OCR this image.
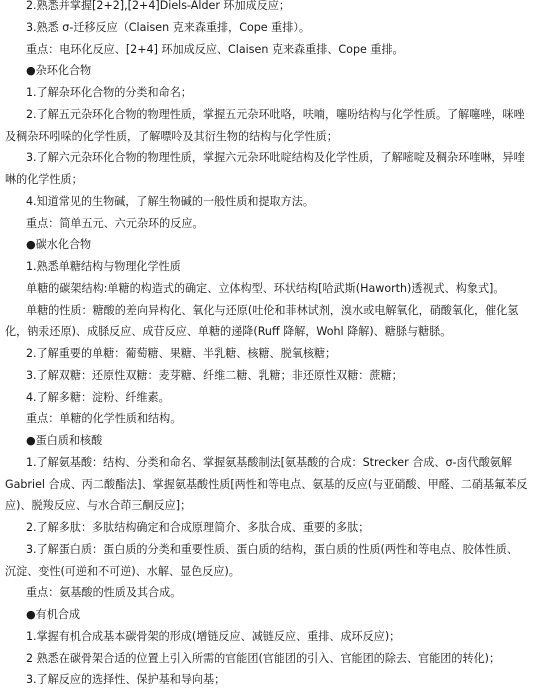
2.熟悉并掌握[2+2],[2+4]Diels-Alder 环加成反应；
3.熟悉 σ-迁移反应（Claisen 克来森重排，Cope 重排）。
重点：电环化反应、[2+4] 环加成反应、Claisen 克来森重排、Cope 重排。
●杂环化合物
1.了解杂环化合物的分类和命名；
2.了解五元杂环化合物的物理性质，掌握五元杂环吡咯，呋喃，噻吩结构与化学性质。了解噻唑，咪唑
及稠杂环吲哚的化学性质，了解嘌呤及其衍生物的结构与化学性质；
3.了解六元杂环化合物的物理性质，掌握六元杂环吡啶结构及化学性质，了解嘧啶及稠杂环喹啉，异喹
啉的化学性质；
4.知道常见的生物碱，了解生物碱的一般性质和提取方法。
重点：简单五元、六元杂环的反应。
●碳水化合物
1.熟悉单糖结构与物理化学性质
单糖的碳架结构:单糖的构造式的确定、立体构型、环状结构[哈武斯(Haworth)透视式、构象式]。
单糖的性质：糖酸的差向异构化、氧化与还原(吐伦和菲林试剂，溴水或电解氧化，硝酸氧化，催化氢
化，钠汞还原)、成脎反应、成苷反应、单糖的递降(Ruff 降解，Wohl 降解)、糖脎与糖脎。
2.了解重要的单糖：葡萄糖、果糖、半乳糖、核糖、脱氧核糖；
3.了解双糖：还原性双糖：麦芽糖、纤维二糖、乳糖；非还原性双糖：蔗糖；
4.了解多糖：淀粉、纤维素。
重点：单糖的化学性质和结构。
●蛋白质和核酸
1.了解氨基酸：结构、分类和命名、掌握氨基酸制法[氨基酸的合成：Strecker 合成、σ-卤代酸氨解
Gabriel 合成、丙二酸酯法]、掌握氨基酸性质[两性和等电点、氨基的反应(与亚硝酸、甲醛、二硝基氟苯反
应)、脱羧反应、与水合茚三酮反应]；
2.了解多肽：多肽结构确定和合成原理简介、多肽合成、重要的多肽；
3.了解蛋白质：蛋白质的分类和重要性质、蛋白质的结构，蛋白质的性质(两性和等电点、胶体性质、
沉淀、变性(可逆和不可逆)、水解、显色反应)。
重点：氨基酸的性质及其合成。
●有机合成
1.掌握有机合成基本碳骨架的形成(增链反应、减链反应、重排、成环反应)；
2 熟悉在碳骨架合适的位置上引入所需的官能团(官能团的引入、官能团的除去、官能团的转化)；
3.了解反应的选择性、保护基和导向基；
